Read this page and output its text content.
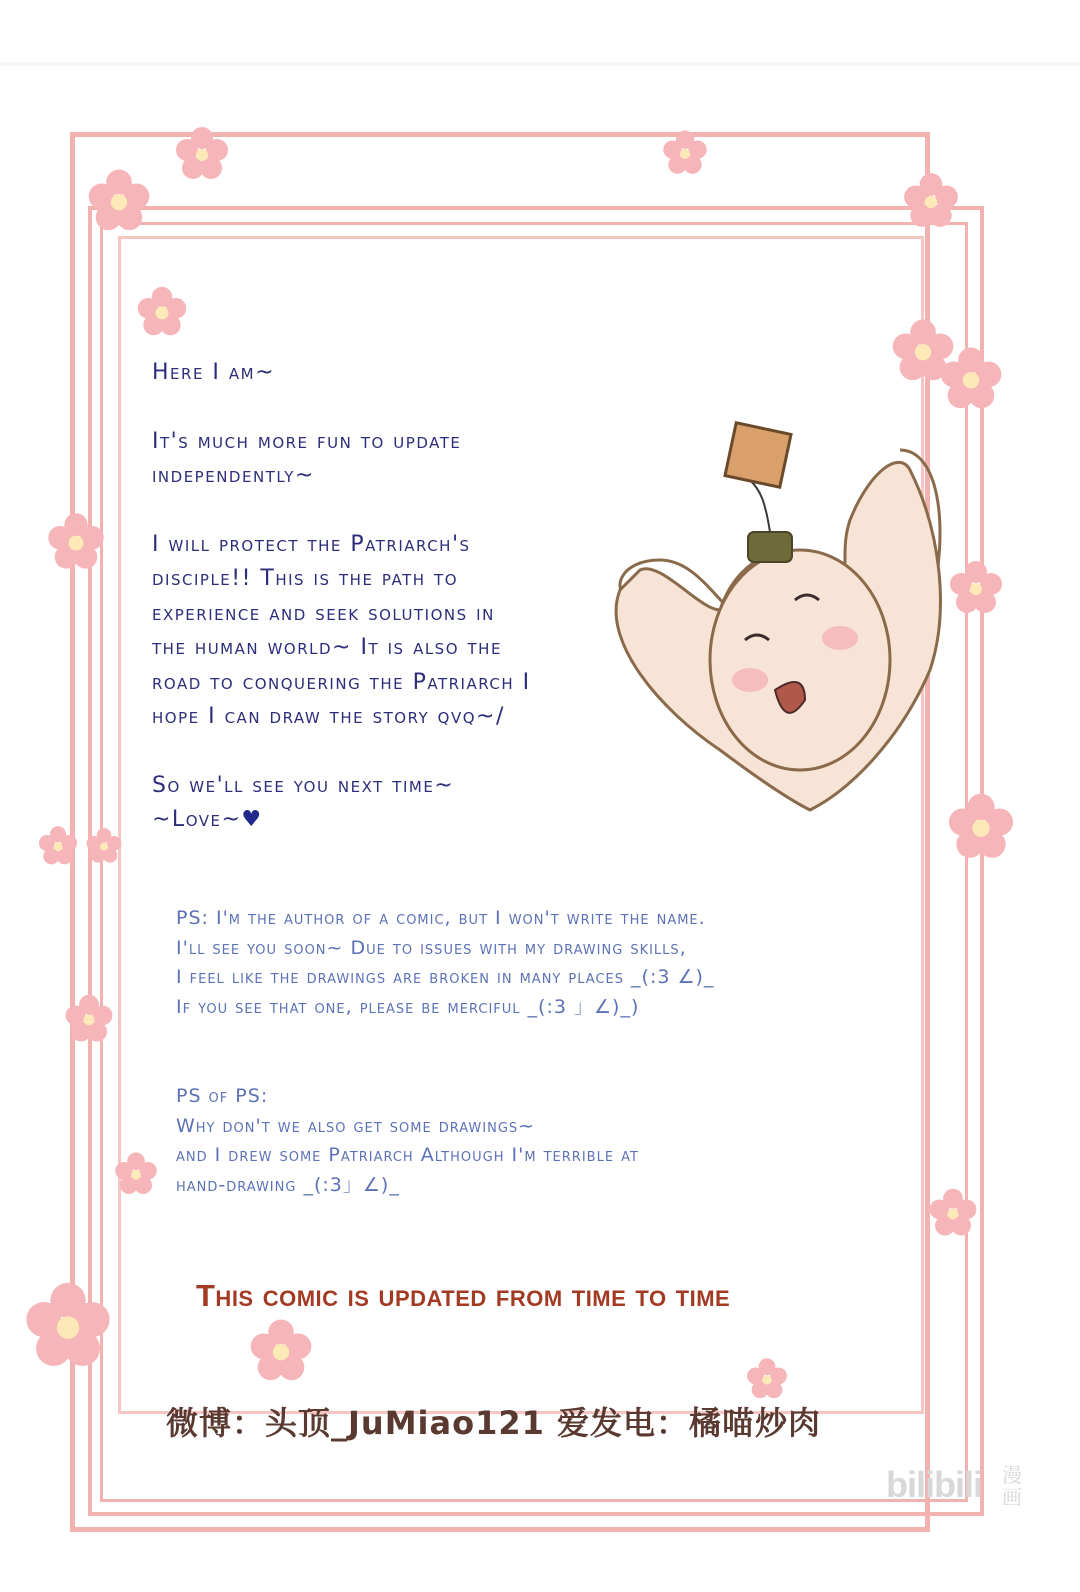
Here I am~

It's much more fun to update
independently~

I will protect the Patriarch's
disciple!! This is the path to
experience and seek solutions in
the human world~ It is also the
road to conquering the Patriarch I
hope I can draw the story qvq~/

So we'll see you next time~
~Love~♥

PS: I'm the author of a comic, but I won't write the name.
I'll see you soon~ Due to issues with my drawing skills,
I feel like the drawings are broken in many places _(:3 ∠)_
If you see that one, please be merciful _(:3 」∠)_)
PS of PS:
Why don't we also get some drawings~
and I drew some Patriarch Although I'm terrible at
hand-drawing _(:3」∠)_
This comic is updated from time to time
微博：头顶_JuMiao121 爱发电：橘喵炒肉
bilibili 漫画
